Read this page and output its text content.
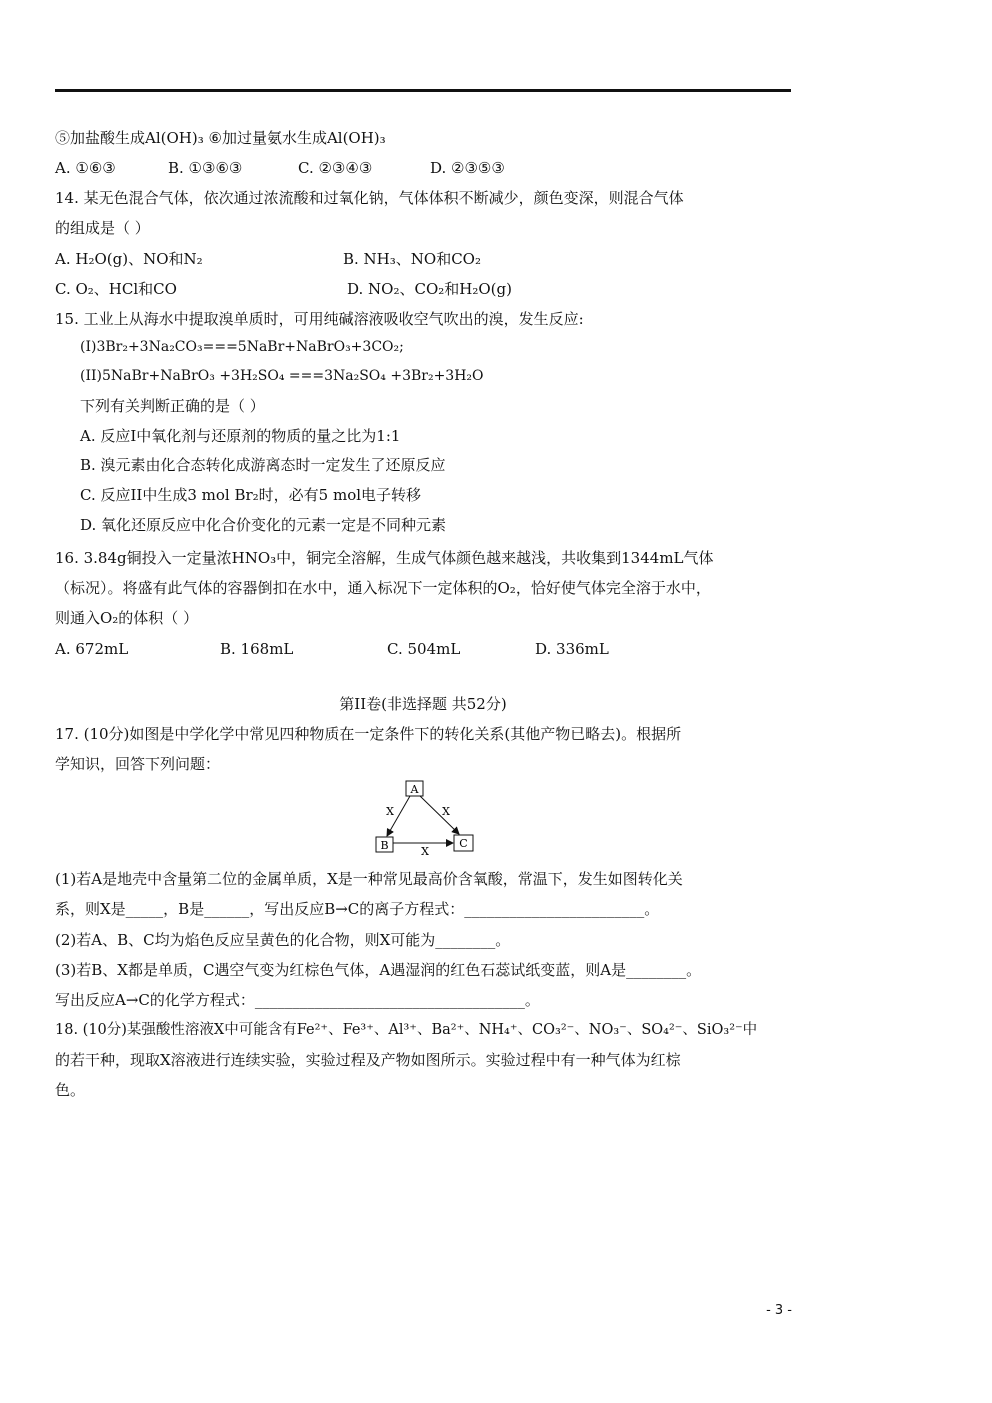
⑤加盐酸生成Al(OH)₃ ⑥加过量氨水生成Al(OH)₃
A. ①⑥③	B. ①③⑥③	C. ②③④③	D. ②③⑤③
14. 某无色混合气体，依次通过浓流酸和过氧化钠，气体体积不断减少，颜色变深，则混合气体
的组成是（ ）
A. H₂O(g)、NO和N₂	B. NH₃、NO和CO₂
C. O₂、HCl和CO	D. NO₂、CO₂和H₂O(g)
15. 工业上从海水中提取溴单质时，可用纯碱溶液吸收空气吹出的溴，发生反应:
(I)3Br₂+3Na₂CO₃===5NaBr+NaBrO₃+3CO₂;
(II)5NaBr+NaBrO₃ +3H₂SO₄ ===3Na₂SO₄ +3Br₂+3H₂O
下列有关判断正确的是（ ）
A. 反应I中氧化剂与还原剂的物质的量之比为1:1
B. 溴元素由化合态转化成游离态时一定发生了还原反应
C. 反应II中生成3 mol Br₂时，必有5 mol电子转移
D. 氧化还原反应中化合价变化的元素一定是不同种元素
16. 3.84g铜投入一定量浓HNO₃中，铜完全溶解，生成气体颜色越来越浅，共收集到1344mL气体
（标况）。将盛有此气体的容器倒扣在水中，通入标况下一定体积的O₂，恰好使气体完全溶于水中，
则通入O₂的体积（ ）
A. 672mL	B. 168mL	C. 504mL	D. 336mL
第II卷(非选择题 共52分)
17. (10分)如图是中学化学中常见四种物质在一定条件下的转化关系(其他产物已略去)。根据所
学知识，回答下列问题：
A
B	C
X	X
X
(1)若A是地壳中含量第二位的金属单质，X是一种常见最高价含氧酸，常温下，发生如图转化关
系，则X是_____，B是______，写出反应B→C的离子方程式：________________________。
(2)若A、B、C均为焰色反应呈黄色的化合物，则X可能为________。
(3)若B、X都是单质，C遇空气变为红棕色气体，A遇湿润的红色石蕊试纸变蓝，则A是________。
写出反应A→C的化学方程式：____________________________________。
18. (10分)某强酸性溶液X中可能含有Fe²⁺、Fe³⁺、Al³⁺、Ba²⁺、NH₄⁺、CO₃²⁻、NO₃⁻、SO₄²⁻、SiO₃²⁻中
的若干种，现取X溶液进行连续实验，实验过程及产物如图所示。实验过程中有一种气体为红棕
色。
- 3 -
